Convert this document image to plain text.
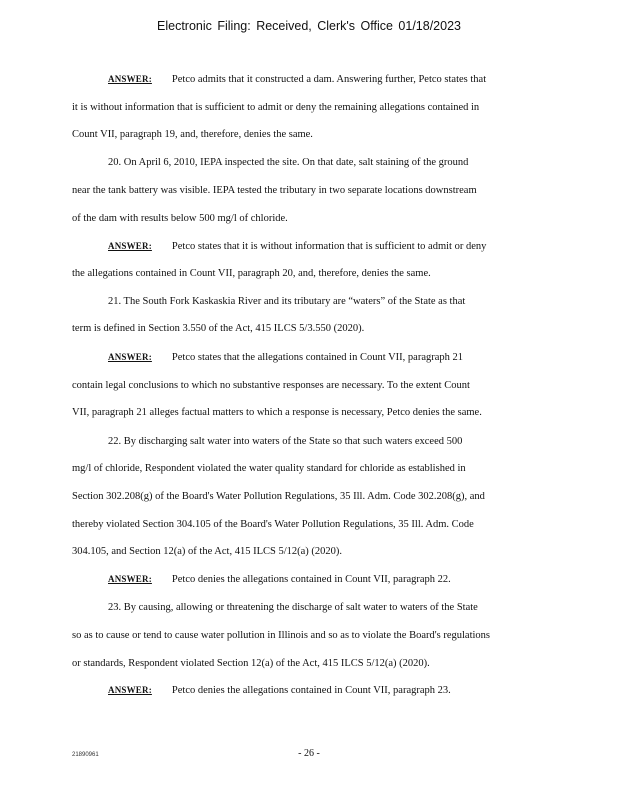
Electronic Filing: Received, Clerk's Office 01/18/2023
ANSWER: Petco admits that it constructed a dam. Answering further, Petco states that
it is without information that is sufficient to admit or deny the remaining allegations contained in
Count VII, paragraph 19, and, therefore, denies the same.
20. On April 6, 2010, IEPA inspected the site. On that date, salt staining of the ground
near the tank battery was visible. IEPA tested the tributary in two separate locations downstream
of the dam with results below 500 mg/l of chloride.
ANSWER: Petco states that it is without information that is sufficient to admit or deny
the allegations contained in Count VII, paragraph 20, and, therefore, denies the same.
21. The South Fork Kaskaskia River and its tributary are “waters” of the State as that
term is defined in Section 3.550 of the Act, 415 ILCS 5/3.550 (2020).
ANSWER: Petco states that the allegations contained in Count VII, paragraph 21
contain legal conclusions to which no substantive responses are necessary. To the extent Count
VII, paragraph 21 alleges factual matters to which a response is necessary, Petco denies the same.
22. By discharging salt water into waters of the State so that such waters exceed 500
mg/l of chloride, Respondent violated the water quality standard for chloride as established in
Section 302.208(g) of the Board's Water Pollution Regulations, 35 Ill. Adm. Code 302.208(g), and
thereby violated Section 304.105 of the Board's Water Pollution Regulations, 35 Ill. Adm. Code
304.105, and Section 12(a) of the Act, 415 ILCS 5/12(a) (2020).
ANSWER: Petco denies the allegations contained in Count VII, paragraph 22.
23. By causing, allowing or threatening the discharge of salt water to waters of the State
so as to cause or tend to cause water pollution in Illinois and so as to violate the Board's regulations
or standards, Respondent violated Section 12(a) of the Act, 415 ILCS 5/12(a) (2020).
ANSWER: Petco denies the allegations contained in Count VII, paragraph 23.
21890961	- 26 -
